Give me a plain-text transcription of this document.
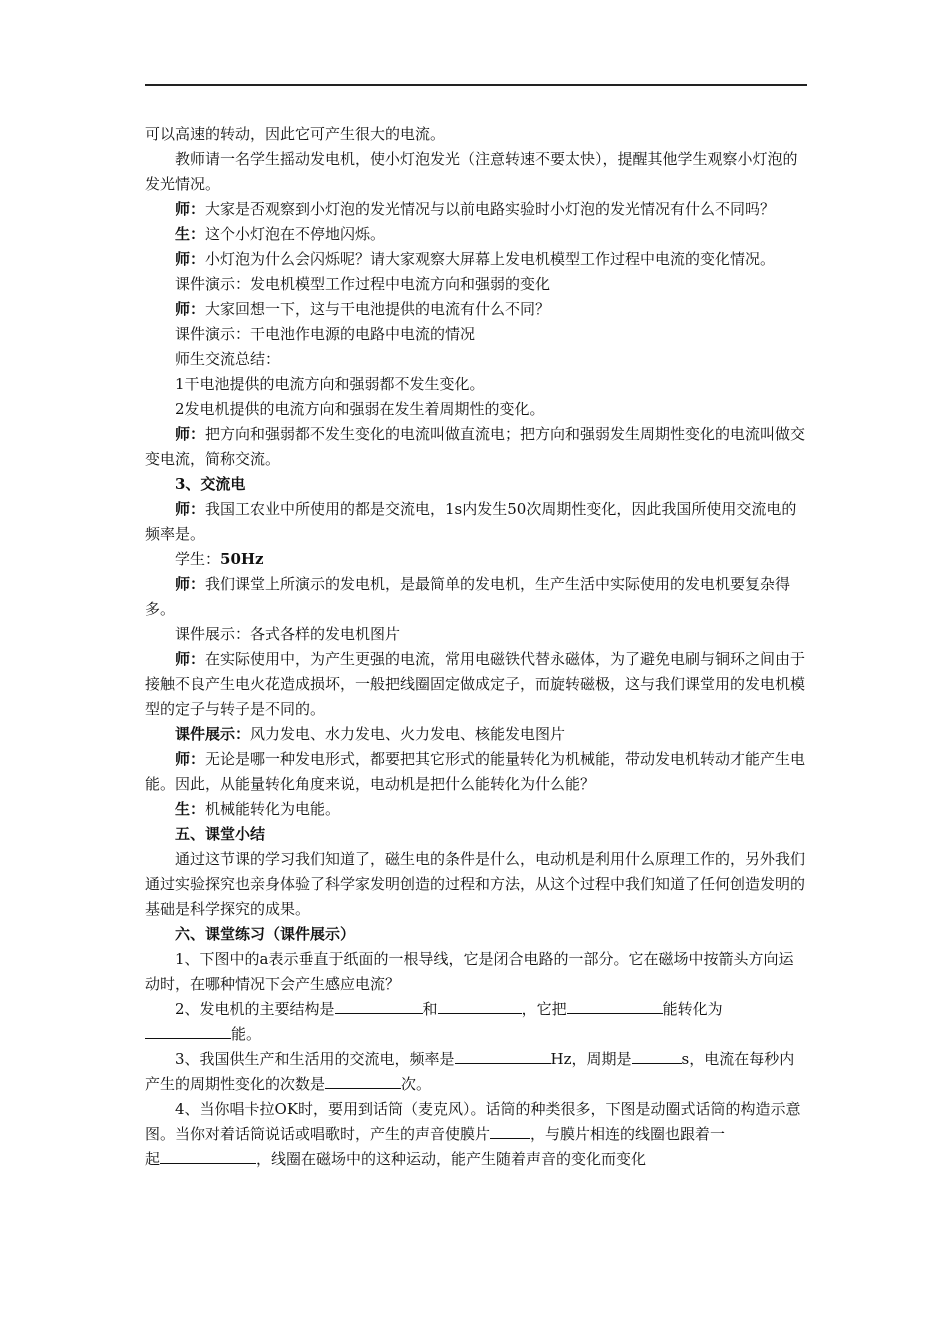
可以高速的转动，因此它可产生很大的电流。

教师请一名学生摇动发电机，使小灯泡发光（注意转速不要太快），提醒其他学生观察小灯泡的发光情况。

师：大家是否观察到小灯泡的发光情况与以前电路实验时小灯泡的发光情况有什么不同吗？

生：这个小灯泡在不停地闪烁。

师：小灯泡为什么会闪烁呢？请大家观察大屏幕上发电机模型工作过程中电流的变化情况。

课件演示：发电机模型工作过程中电流方向和强弱的变化

师：大家回想一下，这与干电池提供的电流有什么不同？

课件演示：干电池作电源的电路中电流的情况

师生交流总结：

1干电池提供的电流方向和强弱都不发生变化。

2发电机提供的电流方向和强弱在发生着周期性的变化。

师：把方向和强弱都不发生变化的电流叫做直流电；把方向和强弱发生周期性变化的电流叫做交变电流，简称交流。

3、交流电

师：我国工农业中所使用的都是交流电，1s内发生50次周期性变化，因此我国所使用交流电的频率是。

学生：50Hz

师：我们课堂上所演示的发电机，是最简单的发电机，生产生活中实际使用的发电机要复杂得多。

课件展示：各式各样的发电机图片

师：在实际使用中，为产生更强的电流，常用电磁铁代替永磁体，为了避免电刷与铜环之间由于接触不良产生电火花造成损坏，一般把线圈固定做成定子，而旋转磁极，这与我们课堂用的发电机模型的定子与转子是不同的。

课件展示：风力发电、水力发电、火力发电、核能发电图片

师：无论是哪一种发电形式，都要把其它形式的能量转化为机械能，带动发电机转动才能产生电能。因此，从能量转化角度来说，电动机是把什么能转化为什么能？

生：机械能转化为电能。

五、课堂小结

通过这节课的学习我们知道了，磁生电的条件是什么，电动机是利用什么原理工作的，另外我们通过实验探究也亲身体验了科学家发明创造的过程和方法，从这个过程中我们知道了任何创造发明的基础是科学探究的成果。

六、课堂练习（课件展示）

1、下图中的a表示垂直于纸面的一根导线，它是闭合电路的一部分。它在磁场中按箭头方向运动时，在哪种情况下会产生感应电流？

2、发电机的主要结构是	和	，它把	能转化为能。

3、我国供生产和生活用的交流电，频率是	Hz，周期是	s，电流在每秒内产生的周期性变化的次数是	次。

4、当你唱卡拉OK时，要用到话筒（麦克风）。话筒的种类很多，下图是动圈式话筒的构造示意图。当你对着话筒说话或唱歌时，产生的声音使膜片	，与膜片相连的线圈也跟着一

起	，线圈在磁场中的这种运动，能产生随着声音的变化而变化
